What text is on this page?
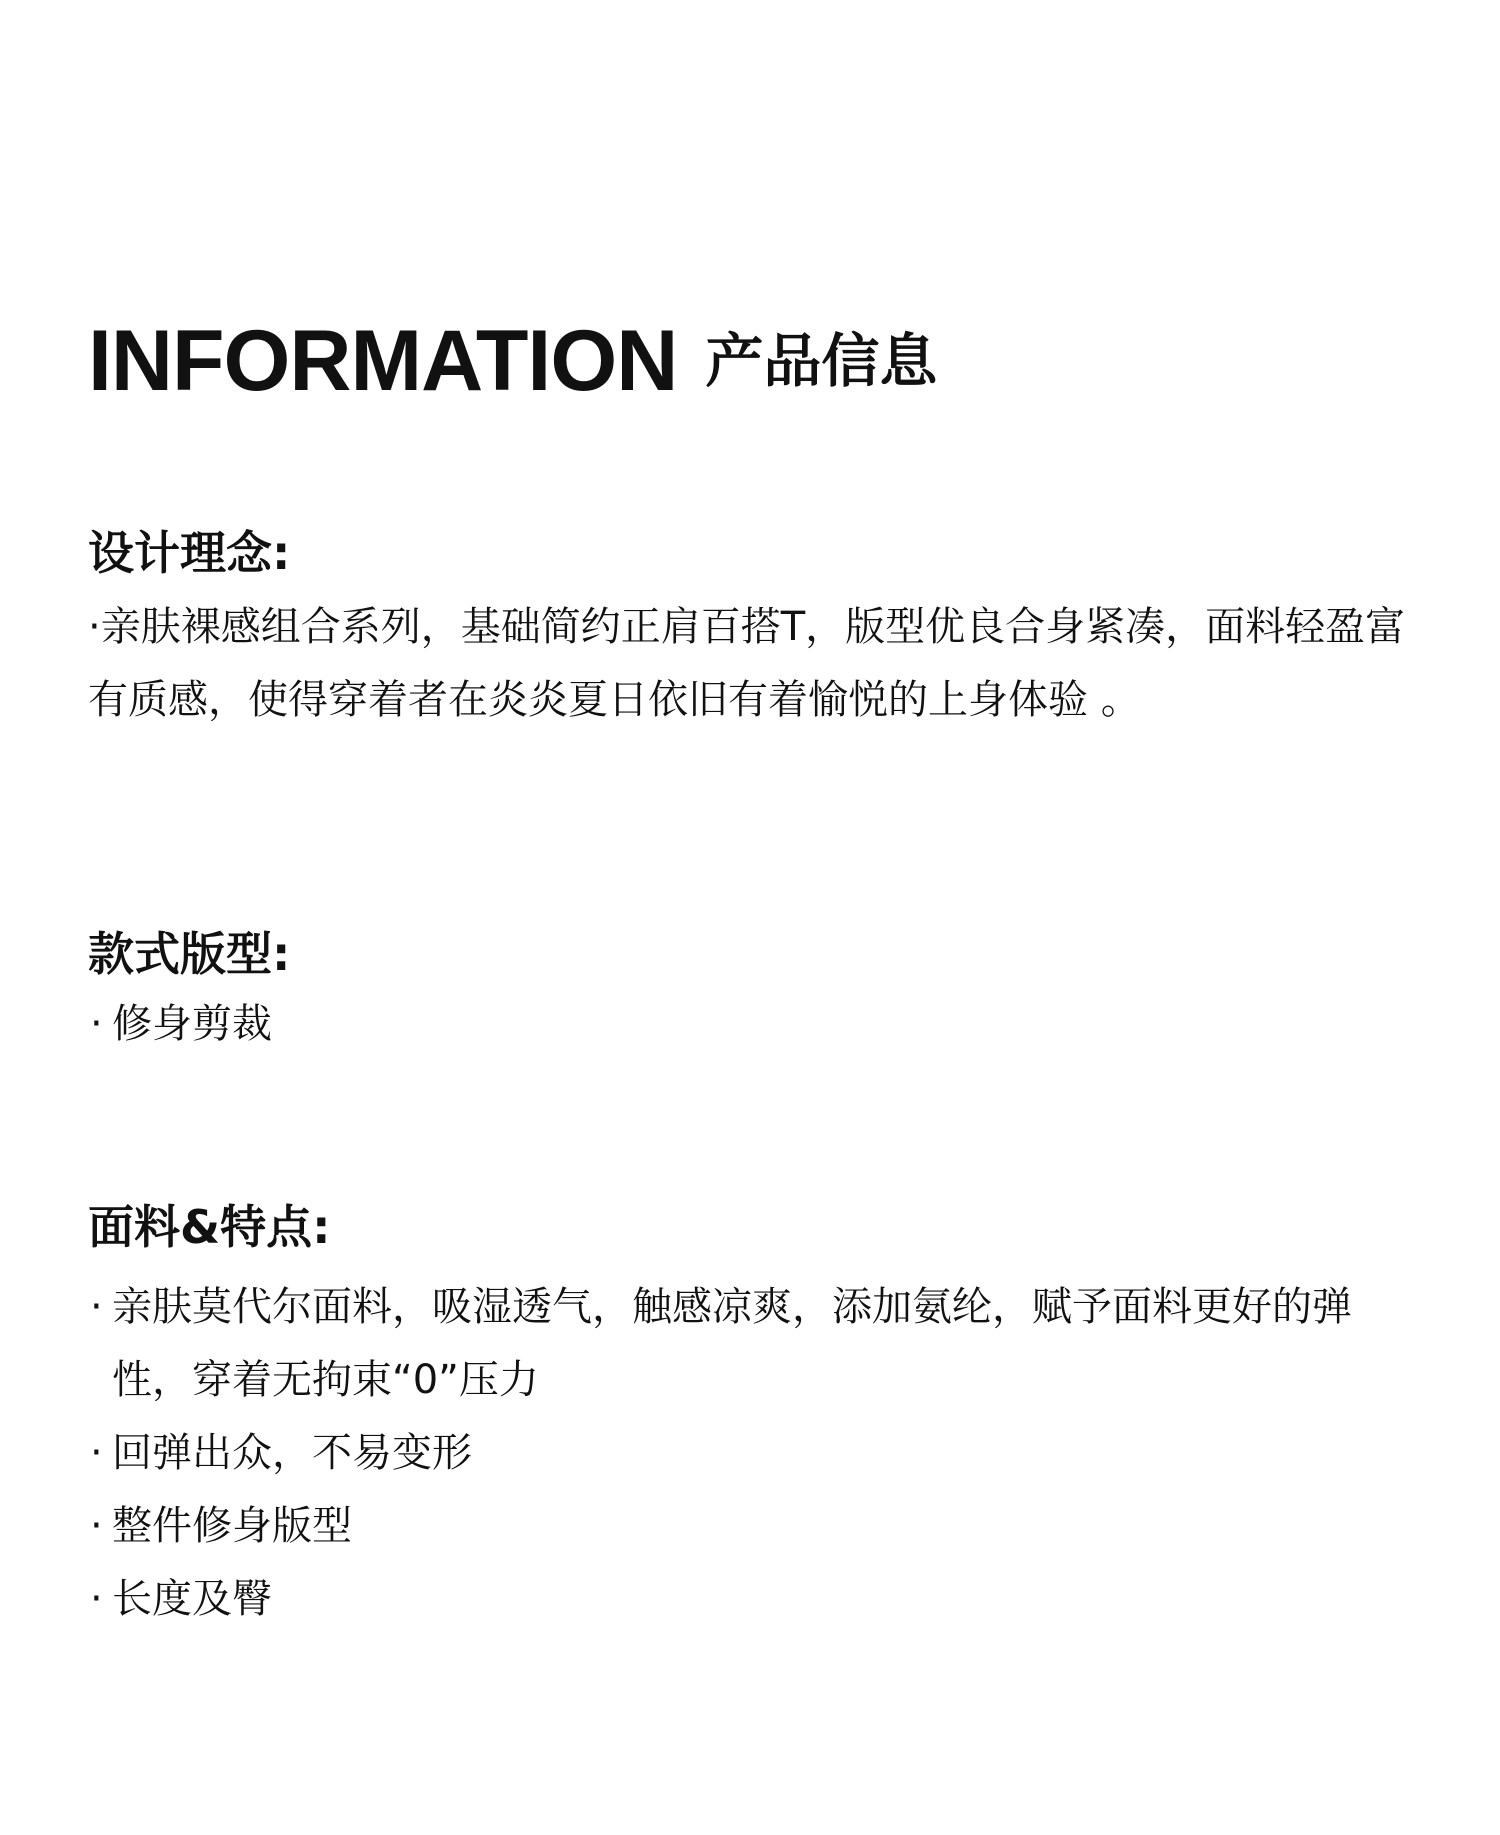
INFORMATION 产品信息
设计理念:

·亲肤裸感组合系列，基础简约正肩百搭T，版型优良合身紧凑，面料轻盈富有质感，使得穿着者在炎炎夏日依旧有着愉悦的上身体验 。

款式版型:
· 修身剪裁
面料&特点:
· 亲肤莫代尔面料，吸湿透气，触感凉爽，添加氨纶，赋予面料更好的弹性，穿着无拘束“0”压力
· 回弹出众，不易变形
· 整件修身版型
· 长度及臀
